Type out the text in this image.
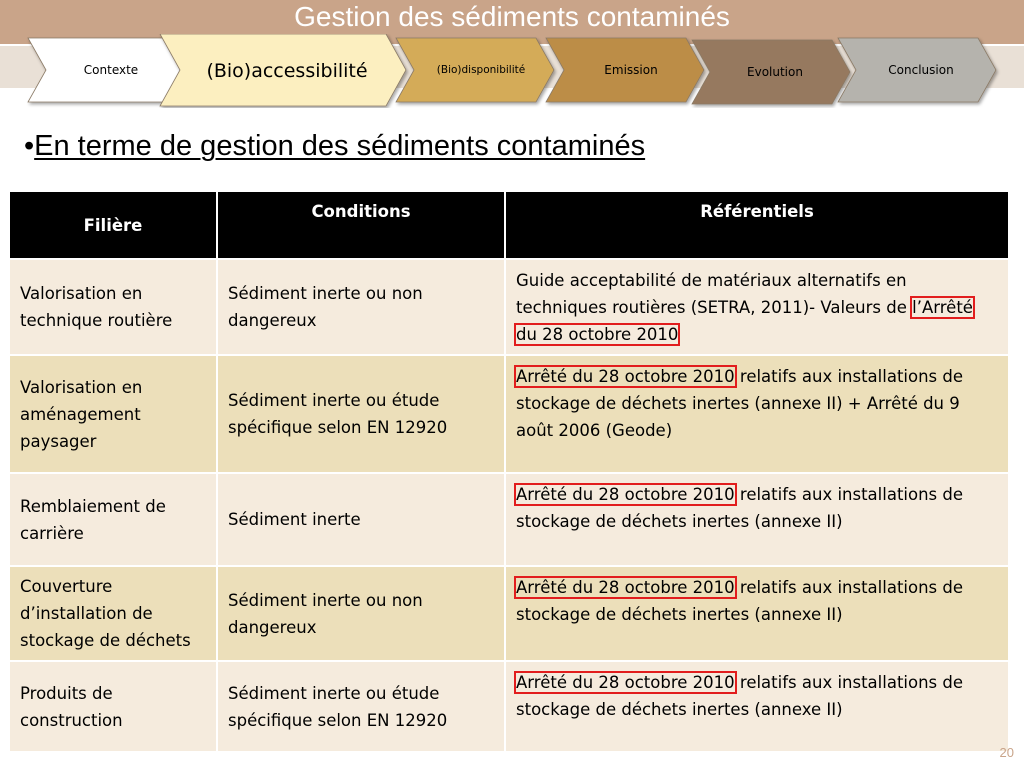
Gestion des sédiments contaminés
Contexte	(Bio)accessibilité	(Bio)disponibilité	Emission	Evolution	Conclusion
•En terme de gestion des sédiments contaminés
Filière	Conditions	Référentiels
Valorisation en technique routière	Sédiment inerte ou non dangereux	Guide acceptabilité de matériaux alternatifs en techniques routières (SETRA, 2011)- Valeurs de l’Arrêté du 28 octobre 2010
Valorisation en aménagement paysager	Sédiment inerte ou étude spécifique selon EN 12920	Arrêté du 28 octobre 2010 relatifs aux installations de stockage de déchets inertes (annexe II) + Arrêté du 9 août 2006 (Geode)
Remblaiement de carrière	Sédiment inerte	Arrêté du 28 octobre 2010 relatifs aux installations de stockage de déchets inertes (annexe II)
Couverture d’installation de stockage de déchets	Sédiment inerte ou non dangereux	Arrêté du 28 octobre 2010 relatifs aux installations de stockage de déchets inertes (annexe II)
Produits de construction	Sédiment inerte ou étude spécifique selon EN 12920	Arrêté du 28 octobre 2010 relatifs aux installations de stockage de déchets inertes (annexe II)
20
